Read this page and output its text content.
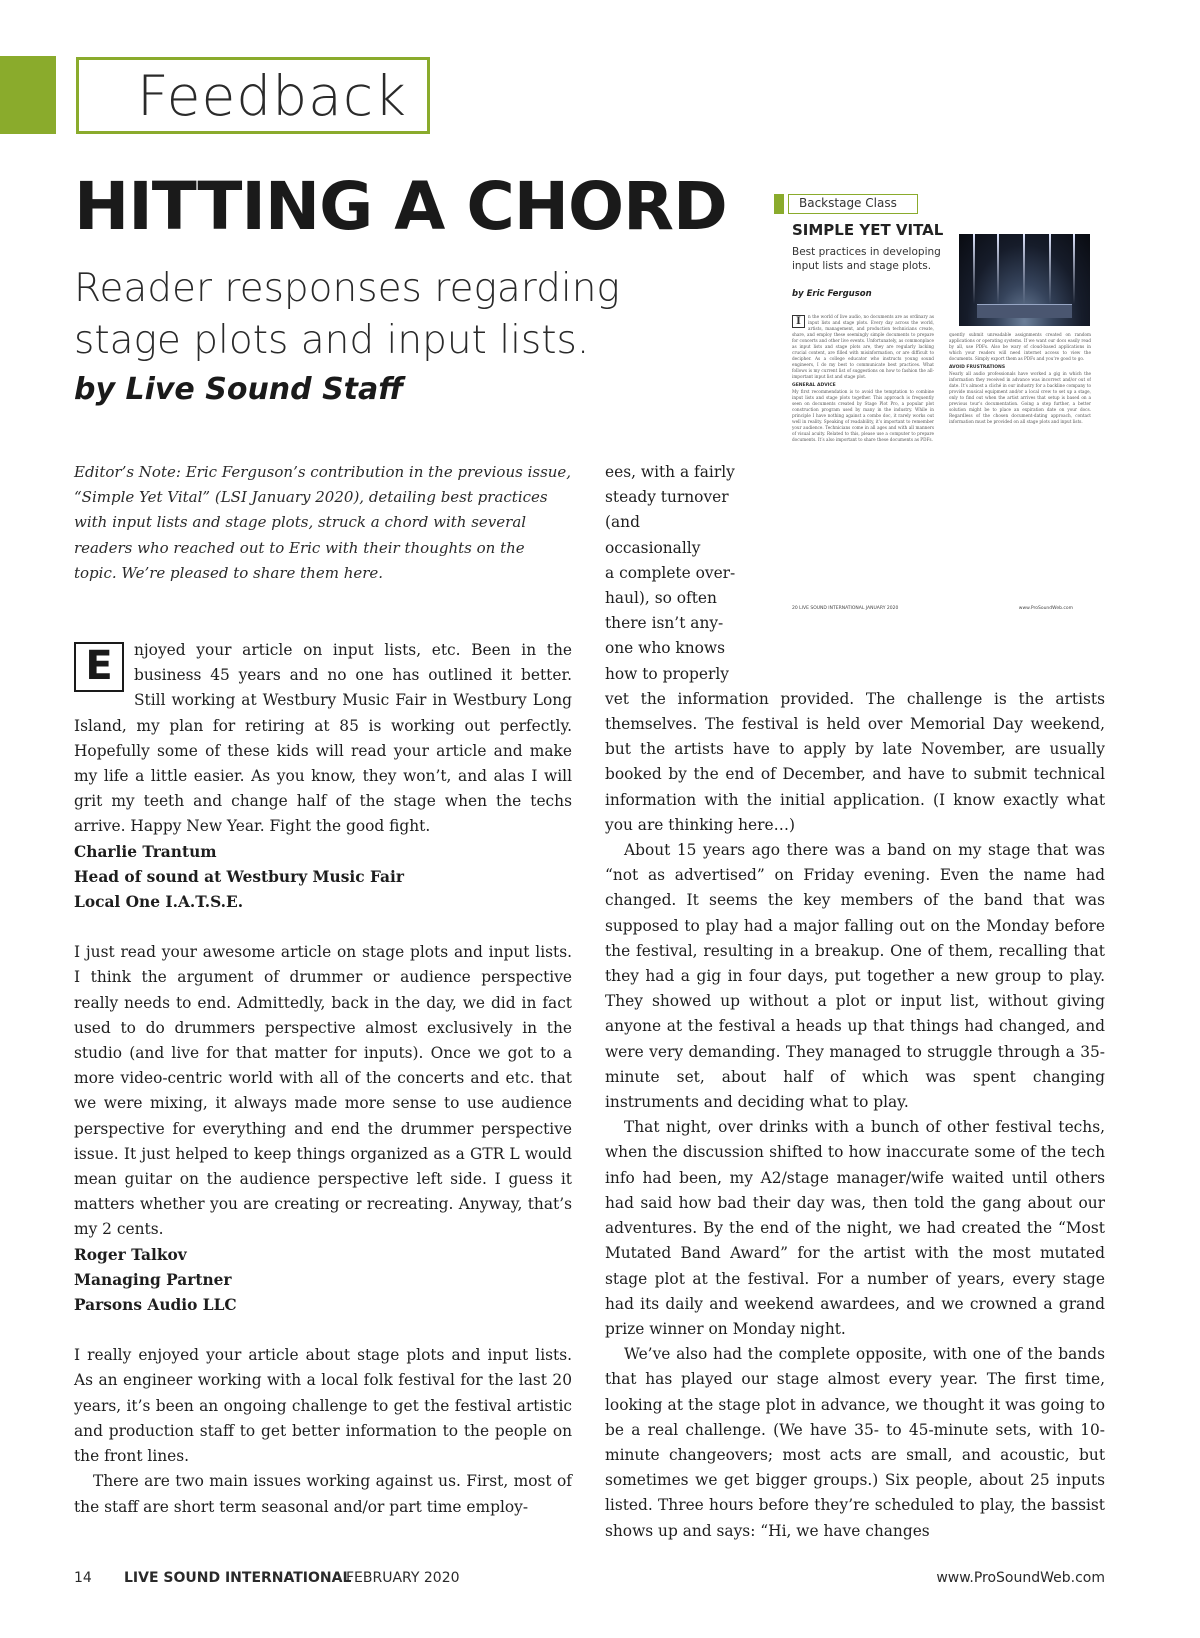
Feedback
HITTING A CHORD
Reader responses regarding stage plots and input lists.
by Live Sound Staff
Backstage Class
SIMPLE YET VITAL
Best practices in developing input lists and stage plots.
by Eric Ferguson
I	n the world of live audio, no documents are as ordinary as input lists and stage plots. Every day across the world, artists, management, and production technicians create, share, and employ these seemingly simple documents to prepare for concerts and other live events. Unfortunately, as commonplace as input lists and stage plots are, they are regularly lacking crucial content, are filled with misinformation, or are difficult to decipher. As a college educator who instructs young sound engineers, I do my best to communicate best practices. What follows is my current list of suggestions on how to fashion the all-important input list and stage plot.
GENERAL ADVICE
My first recommendation is to avoid the temptation to combine input lists and stage plots together. This approach is frequently seen on documents created by Stage Plot Pro, a popular plot construction program used by many in the industry. While in principle I have nothing against a combo doc, it rarely works out well in reality. Speaking of readability, it’s important to remember your audience. Technicians come in all ages and with all manners of visual acuity. Related to this, please use a computer to prepare documents. It’s also important to share these documents as PDFs.
quently submit unreadable assignments created on random applications or operating systems. If we want our docs easily read by all, use PDFs. Also be wary of cloud-based applications in which your readers will need internet access to view the documents. Simply export them as PDFs and you’re good to go.
AVOID FRUSTRATIONS
Nearly all audio professionals have worked a gig in which the information they received in advance was incorrect and/or out of date. It’s almost a cliché in our industry for a backline company to provide musical equipment and/or a local crew to set up a stage, only to find out when the artist arrives that setup is based on a previous tour’s documentation. Going a step further, a better solution might be to place an expiration date on your docs. Regardless of the chosen document-dating approach, contact information must be provided on all stage plots and input lists.
20 LIVE SOUND INTERNATIONAL JANUARY 2020	www.ProSoundWeb.com

Editor’s Note: Eric Ferguson’s contribution in the previous issue, “Simple Yet Vital” (LSI January 2020), detailing best practices with input lists and stage plots, struck a chord with several readers who reached out to Eric with their thoughts on the topic. We’re pleased to share them here.

E	njoyed your article on input lists, etc. Been in the business 45 years and no one has outlined it better. Still working at Westbury Music Fair in Westbury Long Island, my plan for retiring at 85 is working out perfectly. Hopefully some of these kids will read your article and make my life a little easier. As you know, they won’t, and alas I will grit my teeth and change half of the stage when the techs arrive. Happy New Year. Fight the good fight.
Charlie Trantum
Head of sound at Westbury Music Fair
Local One I.A.T.S.E.

I just read your awesome article on stage plots and input lists. I think the argument of drummer or audience perspective really needs to end. Admittedly, back in the day, we did in fact used to do drummers perspective almost exclusively in the studio (and live for that matter for inputs). Once we got to a more video-centric world with all of the concerts and etc. that we were mixing, it always made more sense to use audience perspective for everything and end the drummer perspective issue. It just helped to keep things organized as a GTR L would mean guitar on the audience perspective left side. I guess it matters whether you are creating or recreating. Anyway, that’s my 2 cents.

Roger Talkov
Managing Partner
Parsons Audio LLC

I really enjoyed your article about stage plots and input lists. As an engineer working with a local folk festival for the last 20 years, it’s been an ongoing challenge to get the festival artistic and production staff to get better information to the people on the front lines.

There are two main issues working against us. First, most of the staff are short term seasonal and/or part time employ-

ees, with a fairly
steady turnover
(and occasionally
a complete over-
haul), so often
there isn’t any-
one who knows
how to properly

vet the information provided. The challenge is the artists themselves. The festival is held over Memorial Day weekend, but the artists have to apply by late November, are usually booked by the end of December, and have to submit technical information with the initial application. (I know exactly what you are thinking here…)

About 15 years ago there was a band on my stage that was “not as advertised” on Friday evening. Even the name had changed. It seems the key members of the band that was supposed to play had a major falling out on the Monday before the festival, resulting in a breakup. One of them, recalling that they had a gig in four days, put together a new group to play. They showed up without a plot or input list, without giving anyone at the festival a heads up that things had changed, and were very demanding. They managed to struggle through a 35-minute set, about half of which was spent changing instruments and deciding what to play.

That night, over drinks with a bunch of other festival techs, when the discussion shifted to how inaccurate some of the tech info had been, my A2/stage manager/wife waited until others had said how bad their day was, then told the gang about our adventures. By the end of the night, we had created the “Most Mutated Band Award” for the artist with the most mutated stage plot at the festival. For a number of years, every stage had its daily and weekend awardees, and we crowned a grand prize winner on Monday night.

We’ve also had the complete opposite, with one of the bands that has played our stage almost every year. The first time, looking at the stage plot in advance, we thought it was going to be a real challenge. (We have 35- to 45-minute sets, with 10-minute changeovers; most acts are small, and acoustic, but sometimes we get bigger groups.) Six people, about 25 inputs listed. Three hours before they’re scheduled to play, the bassist shows up and says: “Hi, we have changes

14 LIVE SOUND INTERNATIONAL
FEBRUARY 2020	www.ProSoundWeb.com
